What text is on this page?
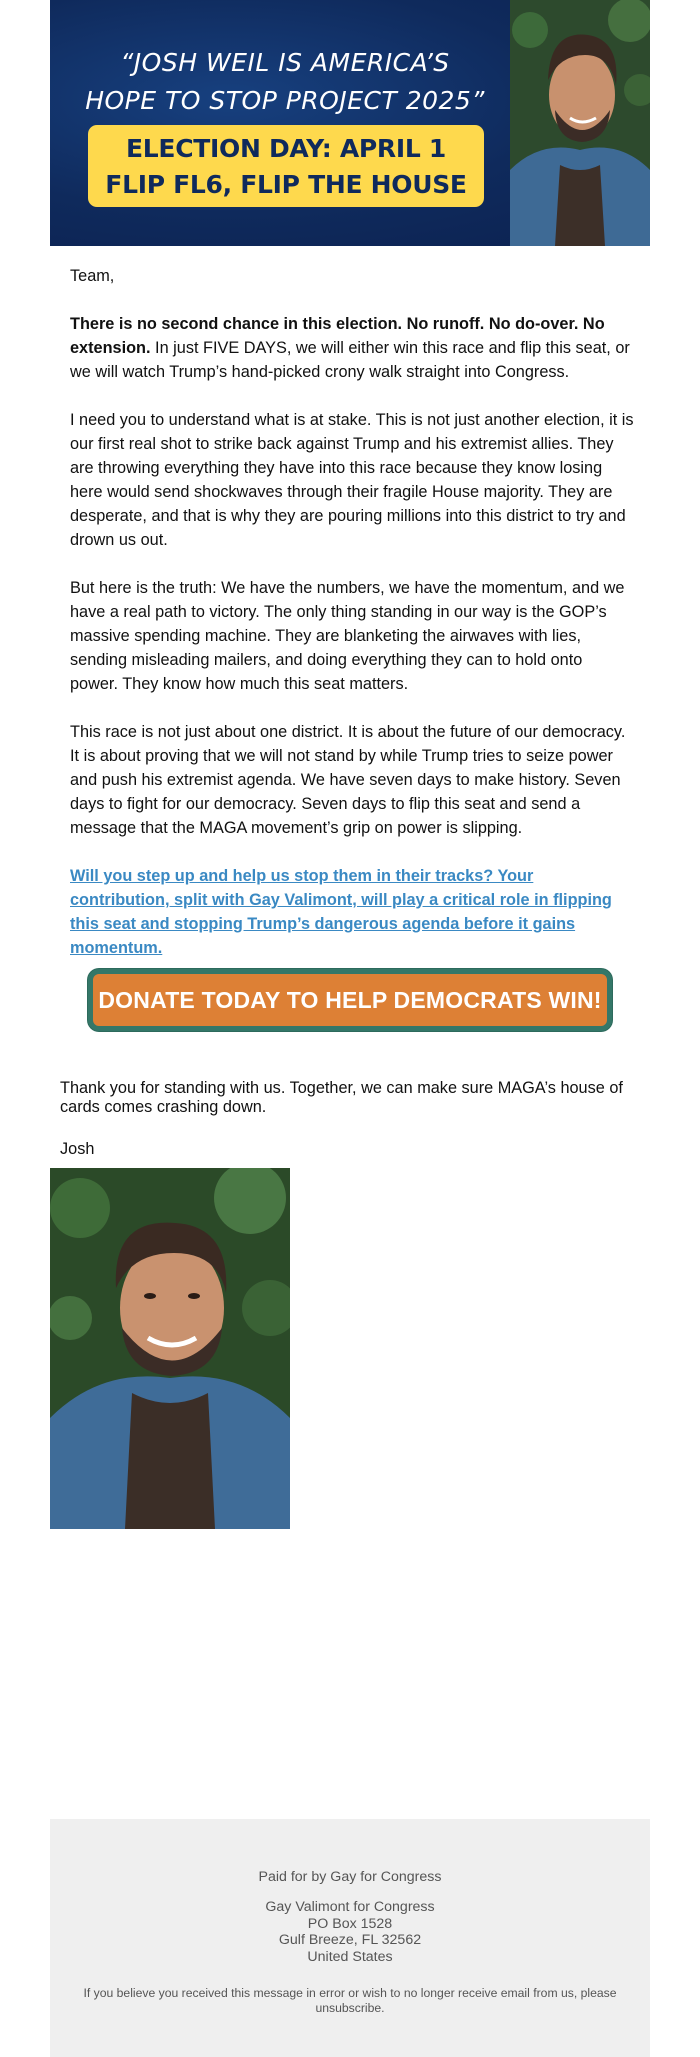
“JOSH WEIL IS AMERICA’S
HOPE TO STOP PROJECT 2025”
ELECTION DAY: APRIL 1
FLIP FL6, FLIP THE HOUSE

Team,

There is no second chance in this election. No runoff. No do-over. No extension. In just FIVE DAYS, we will either win this race and flip this seat, or we will watch Trump’s hand-picked crony walk straight into Congress.

I need you to understand what is at stake. This is not just another election, it is our first real shot to strike back against Trump and his extremist allies. They are throwing everything they have into this race because they know losing here would send shockwaves through their fragile House majority. They are desperate, and that is why they are pouring millions into this district to try and drown us out.

But here is the truth: We have the numbers, we have the momentum, and we have a real path to victory. The only thing standing in our way is the GOP’s massive spending machine. They are blanketing the airwaves with lies, sending misleading mailers, and doing everything they can to hold onto power. They know how much this seat matters.

This race is not just about one district. It is about the future of our democracy. It is about proving that we will not stand by while Trump tries to seize power and push his extremist agenda. We have seven days to make history. Seven days to fight for our democracy. Seven days to flip this seat and send a message that the MAGA movement’s grip on power is slipping.

Will you step up and help us stop them in their tracks? Your contribution, split with Gay Valimont, will play a critical role in flipping this seat and stopping Trump’s dangerous agenda before it gains momentum.

DONATE TODAY TO HELP DEMOCRATS WIN!
Thank you for standing with us. Together, we can make sure MAGA’s house of cards comes crashing down.
Josh
Paid for by Gay for Congress
Gay Valimont for Congress
PO Box 1528
Gulf Breeze, FL 32562
United States
If you believe you received this message in error or wish to no longer receive email from us, please unsubscribe.
